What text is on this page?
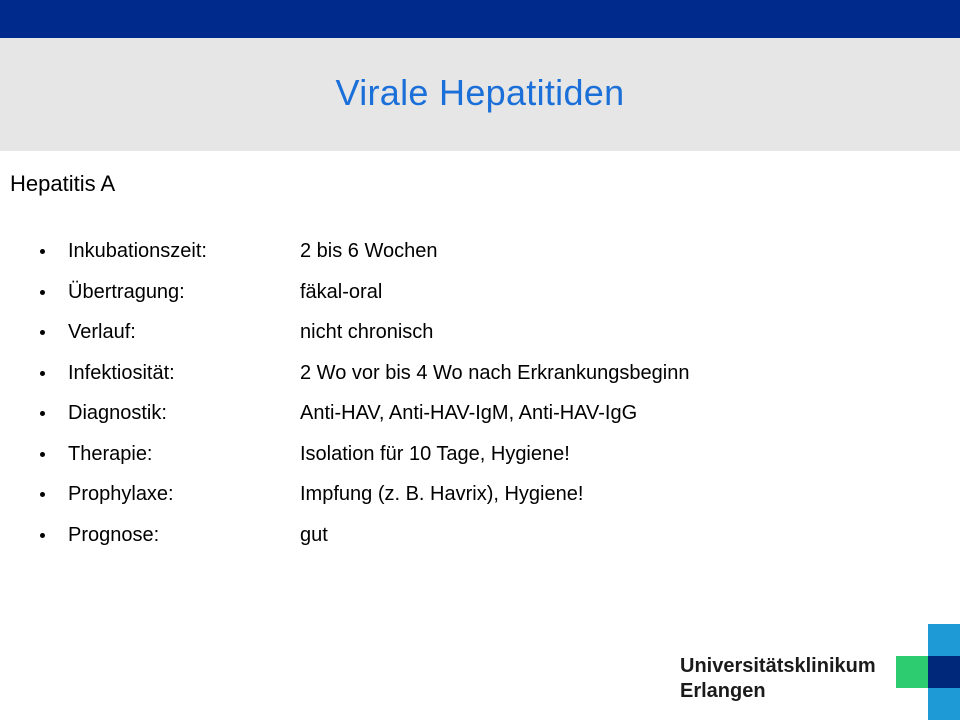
Virale Hepatitiden
Hepatitis A
Inkubationszeit:	2 bis 6 Wochen
Übertragung:	fäkal-oral
Verlauf:	nicht chronisch
Infektiosität:	2 Wo vor bis 4 Wo nach Erkrankungsbeginn
Diagnostik:	Anti-HAV, Anti-HAV-IgM, Anti-HAV-IgG
Therapie:	Isolation für 10 Tage, Hygiene!
Prophylaxe:	Impfung (z. B. Havrix), Hygiene!
Prognose:	gut
Universitätsklinikum
Erlangen
